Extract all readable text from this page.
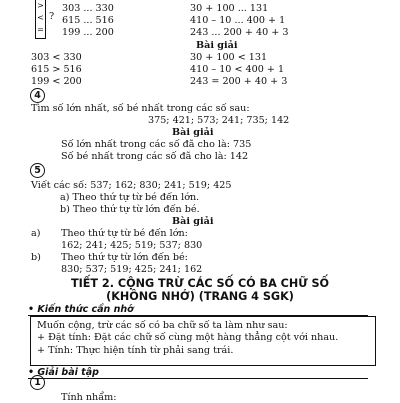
>
<
=
?
303 ... 330
615 ... 516
199 ... 200
30 + 100 ... 131
410 – 10 ... 400 + 1
243 ... 200 + 40 + 3
Bài giải
303 < 330
615 > 516
199 < 200
30 + 100 < 131
410 – 10 < 400 + 1
243 = 200 + 40 + 3
4
Tìm số lớn nhất, số bé nhất trong các số sau:
375; 421; 573; 241; 735; 142
Bài giải
Số lớn nhất trong các số đã cho là: 735
Số bé nhất trong các số đã cho là: 142
5
Viết các số: 537; 162; 830; 241; 519; 425
a) Theo thứ tự từ bé đến lớn.
b) Theo thứ tự từ lớn đến bé.
Bài giải
a) Theo thứ tự từ bé đến lớn:
162; 241; 425; 519; 537; 830
b) Theo thứ tự từ lớn đến bé:
830; 537; 519; 425; 241; 162
TIẾT 2. CỘNG TRỪ CÁC SỐ CÓ BA CHỮ SỐ
(KHÔNG NHỚ) (TRANG 4 SGK)
• Kiến thức cần nhớ
Muốn cộng, trừ các số có ba chữ số ta làm như sau:
+ Đặt tính: Đặt các chữ số cùng một hàng thẳng cột với nhau.
+ Tính: Thực hiện tính từ phải sang trái.
• Giải bài tập
1
Tính nhẩm:
